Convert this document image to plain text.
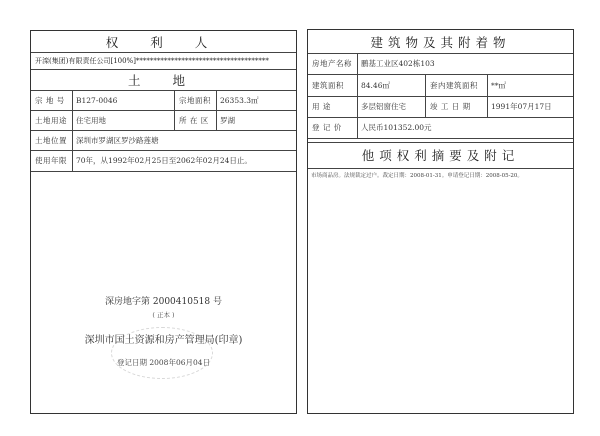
权 利 人
开滦(集团)有限责任公司[100%]**************************************
土 地
宗 地 号	B127-0046	宗地面积	26353.3㎡
土地用途	住宅用地	所 在 区	罗湖
土地位置	深圳市罗湖区罗沙路莲塘
使用年限	70年，从1992年02月25日至2062年02月24日止。
深房地字第 2000410518 号
( 正本 )
深圳市国土资源和房产管理局(印章)
登记日期 2008年06月04日
建筑物及其附着物
房地产名称	鹏基工业区402栋103
建筑面积	84.46㎡	套内建筑面积	**㎡
用 途	多层铝窗住宅	竣 工 日 期	1991年07月17日
登 记 价	人民币101352.00元
他项权利摘要及附记
市场商品房。法规裁定过户。裁定日期：2008-01-31。申请登记日期：2008-05-20。
